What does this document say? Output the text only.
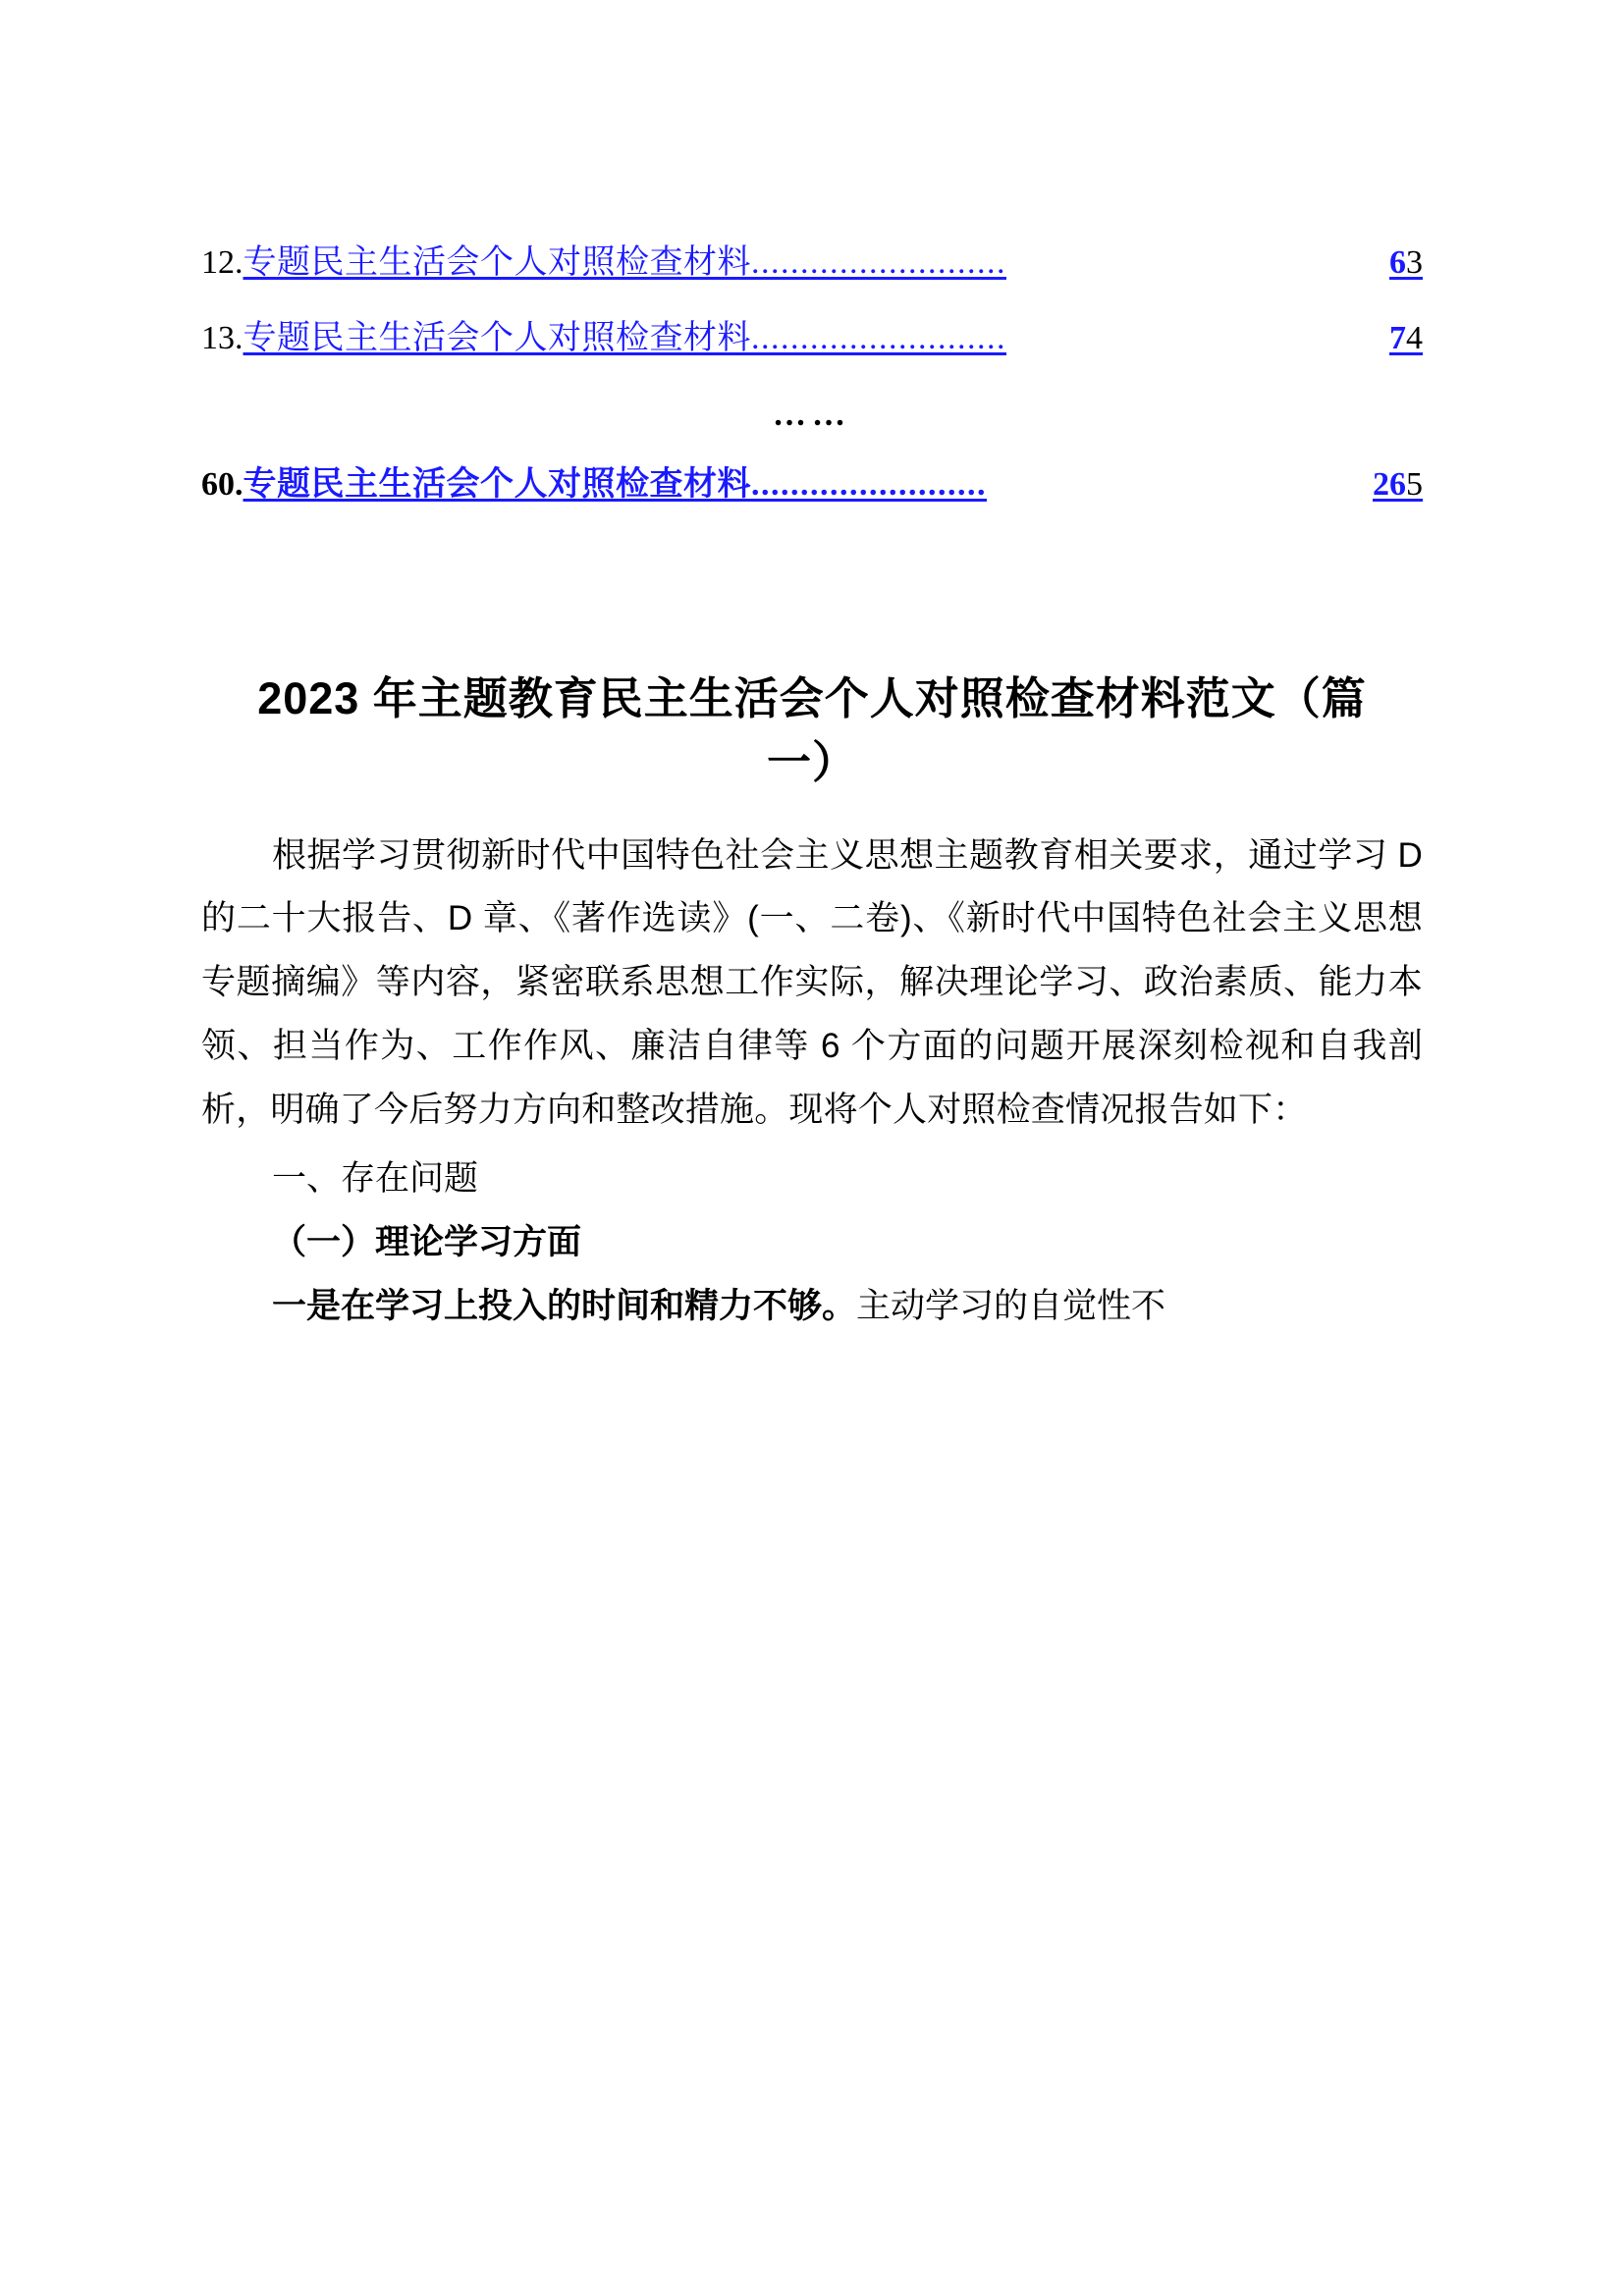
12. 专题民主生活会个人对照检查材料 ..........................	63
13. 专题民主生活会个人对照检查材料 ..........................	74
……
60. 专题民主生活会个人对照检查材料 ........................	265
2023 年主题教育民主生活会个人对照检查材料范文（篇一）

根据学习贯彻新时代中国特色社会主义思想主题教育相关要求，通过学习 D 的二十大报告、D 章、《著作选读》(一、二卷)、《新时代中国特色社会主义思想专题摘编》等内容，紧密联系思想工作实际，解决理论学习、政治素质、能力本领、担当作为、工作作风、廉洁自律等 6 个方面的问题开展深刻检视和自我剖析，明确了今后努力方向和整改措施。现将个人对照检查情况报告如下：

一、存在问题

（一）理论学习方面

一是在学习上投入的时间和精力不够。主动学习的自觉性不
